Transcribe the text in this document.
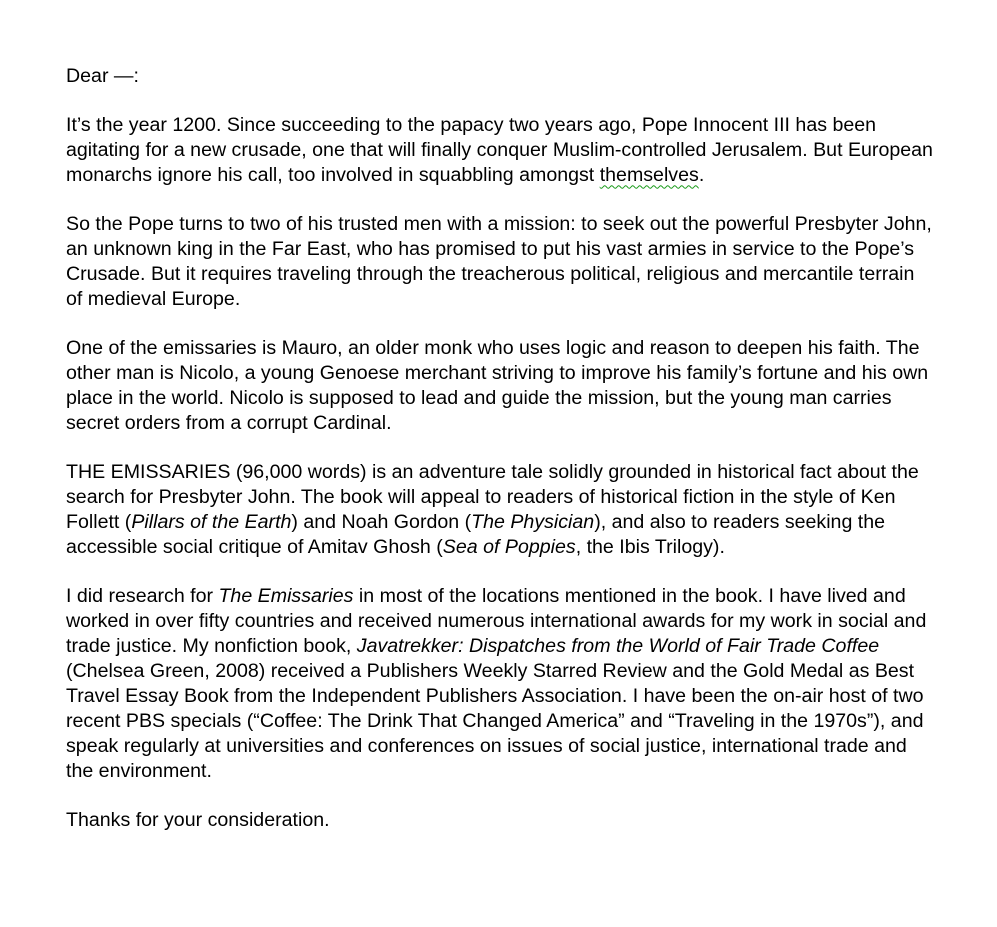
Dear —:

It’s the year 1200. Since succeeding to the papacy two years ago, Pope Innocent III has been agitating for a new crusade, one that will finally conquer Muslim-controlled Jerusalem. But European monarchs ignore his call, too involved in squabbling amongst themselves.

So the Pope turns to two of his trusted men with a mission: to seek out the powerful Presbyter John, an unknown king in the Far East, who has promised to put his vast armies in service to the Pope’s Crusade. But it requires traveling through the treacherous political, religious and mercantile terrain of medieval Europe.

One of the emissaries is Mauro, an older monk who uses logic and reason to deepen his faith. The other man is Nicolo, a young Genoese merchant striving to improve his family’s fortune and his own place in the world. Nicolo is supposed to lead and guide the mission, but the young man carries secret orders from a corrupt Cardinal.

THE EMISSARIES (96,000 words) is an adventure tale solidly grounded in historical fact about the search for Presbyter John. The book will appeal to readers of historical fiction in the style of Ken Follett (Pillars of the Earth) and Noah Gordon (The Physician), and also to readers seeking the accessible social critique of Amitav Ghosh (Sea of Poppies, the Ibis Trilogy).

I did research for The Emissaries in most of the locations mentioned in the book. I have lived and worked in over fifty countries and received numerous international awards for my work in social and trade justice. My nonfiction book, Javatrekker: Dispatches from the World of Fair Trade Coffee (Chelsea Green, 2008) received a Publishers Weekly Starred Review and the Gold Medal as Best Travel Essay Book from the Independent Publishers Association. I have been the on-air host of two recent PBS specials (“Coffee: The Drink That Changed America” and “Traveling in the 1970s”), and speak regularly at universities and conferences on issues of social justice, international trade and the environment.

Thanks for your consideration.
